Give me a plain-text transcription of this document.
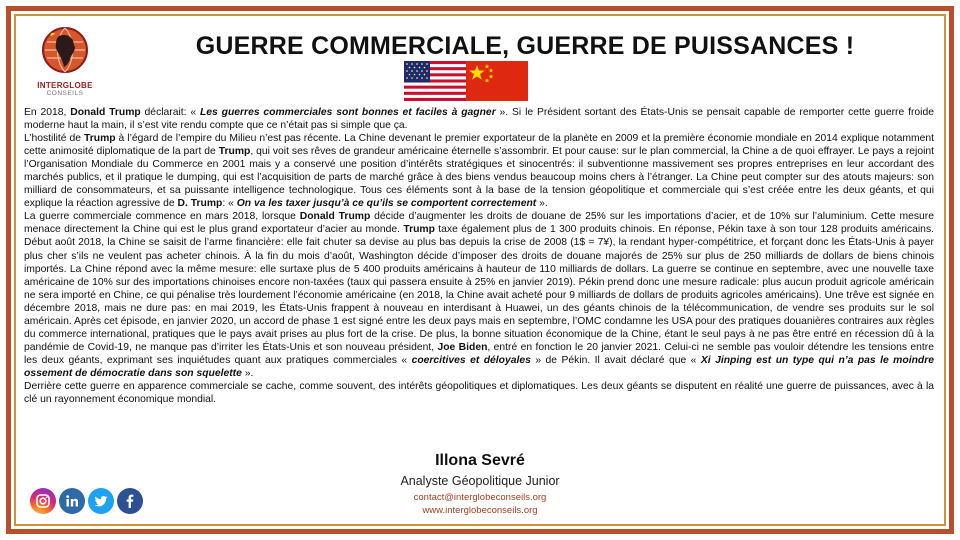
INTERGLOBE
CONSEILS
GUERRE COMMERCIALE, GUERRE DE PUISSANCES !

En 2018, Donald Trump déclarait: « Les guerres commerciales sont bonnes et faciles à gagner ». Si le Président sortant des États-Unis se pensait capable de remporter cette guerre froide moderne haut la main, il s’est vite rendu compte que ce n’était pas si simple que ça.

L’hostilité de Trump à l’égard de l’empire du Milieu n’est pas récente. La Chine devenant le premier exportateur de la planète en 2009 et la première économie mondiale en 2014 explique notamment cette animosité diplomatique de la part de Trump, qui voit ses rêves de grandeur américaine éternelle s’assombrir. Et pour cause: sur le plan commercial, la Chine a de quoi effrayer. Le pays a rejoint l’Organisation Mondiale du Commerce en 2001 mais y a conservé une position d’intérêts stratégiques et sinocentrés: il subventionne massivement ses propres entreprises en leur accordant des marchés publics, et il pratique le dumping, qui est l’acquisition de parts de marché grâce à des biens vendus beaucoup moins chers à l’étranger. La Chine peut compter sur des atouts majeurs: son milliard de consommateurs, et sa puissante intelligence technologique. Tous ces éléments sont à la base de la tension géopolitique et commerciale qui s’est créée entre les deux géants, et qui explique la réaction agressive de D. Trump: « On va les taxer jusqu’à ce qu’ils se comportent correctement ».

La guerre commerciale commence en mars 2018, lorsque Donald Trump décide d’augmenter les droits de douane de 25% sur les importations d’acier, et de 10% sur l’aluminium. Cette mesure menace directement la Chine qui est le plus grand exportateur d’acier au monde. Trump taxe également plus de 1 300 produits chinois. En réponse, Pékin taxe à son tour 128 produits américains. Début août 2018, la Chine se saisit de l’arme financière: elle fait chuter sa devise au plus bas depuis la crise de 2008 (1$ = 7¥), la rendant hyper-compétitrice, et forçant donc les États-Unis à payer plus cher s’ils ne veulent pas acheter chinois. À la fin du mois d’août, Washington décide d’imposer des droits de douane majorés de 25% sur plus de 250 milliards de dollars de biens chinois importés. La Chine répond avec la même mesure: elle surtaxe plus de 5 400 produits américains à hauteur de 110 milliards de dollars. La guerre se continue en septembre, avec une nouvelle taxe américaine de 10% sur des importations chinoises encore non-taxées (taux qui passera ensuite à 25% en janvier 2019). Pékin prend donc une mesure radicale: plus aucun produit agricole américain ne sera importé en Chine, ce qui pénalise très lourdement l’économie américaine (en 2018, la Chine avait acheté pour 9 milliards de dollars de produits agricoles américains). Une trêve est signée en décembre 2018, mais ne dure pas: en mai 2019, les États-Unis frappent à nouveau en interdisant à Huawei, un des géants chinois de la télécommunication, de vendre ses produits sur le sol américain. Après cet épisode, en janvier 2020, un accord de phase 1 est signé entre les deux pays mais en septembre, l’OMC condamne les USA pour des pratiques douanières contraires aux règles du commerce international, pratiques que le pays avait prises au plus fort de la crise. De plus, la bonne situation économique de la Chine, étant le seul pays à ne pas être entré en récession dû à la pandémie de Covid-19, ne manque pas d’irriter les États-Unis et son nouveau président, Joe Biden, entré en fonction le 20 janvier 2021. Celui-ci ne semble pas vouloir détendre les tensions entre les deux géants, exprimant ses inquiétudes quant aux pratiques commerciales « coercitives et déloyales » de Pékin. Il avait déclaré que « Xi Jinping est un type qui n’a pas le moindre ossement de démocratie dans son squelette ».

Derrière cette guerre en apparence commerciale se cache, comme souvent, des intérêts géopolitiques et diplomatiques. Les deux géants se disputent en réalité une guerre de puissances, avec à la clé un rayonnement économique mondial.

Illona Sevré
Analyste Géopolitique Junior
contact@interglobeconseils.org
www.interglobeconseils.org
